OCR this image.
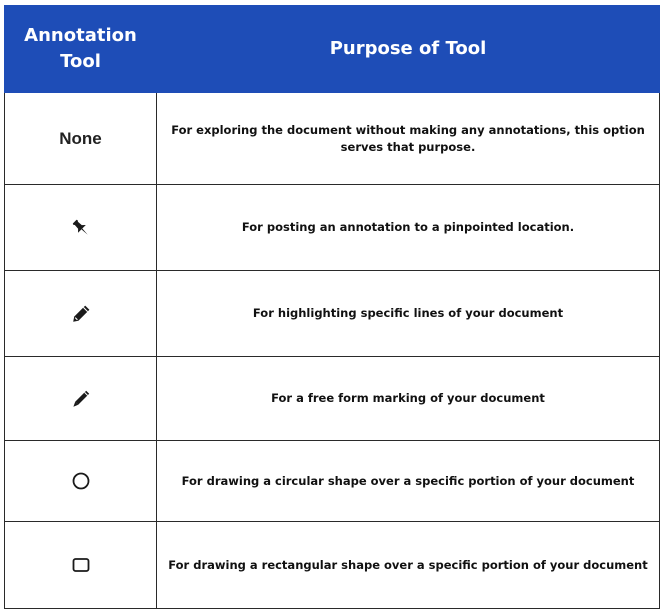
Annotation Tool	Purpose of Tool
None	For exploring the document without making any annotations, this option serves that purpose.

	For posting an annotation to a pinpointed location.

	For highlighting specific lines of your document

	For a free form marking of your document

	For drawing a circular shape over a specific portion of your document

	For drawing a rectangular shape over a specific portion of your document
